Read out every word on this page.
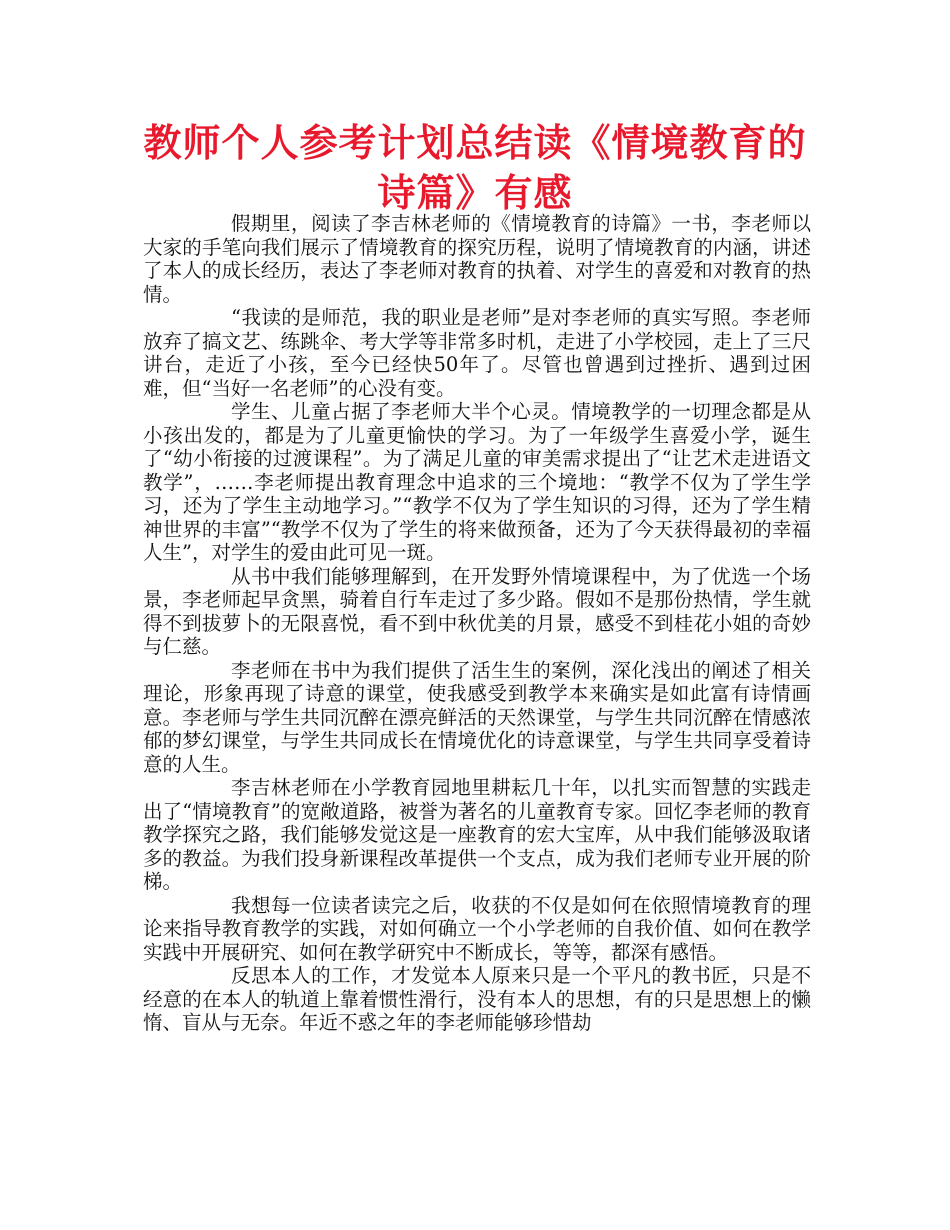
教师个人参考计划总结读《情境教育的诗篇》有感

假期里，阅读了李吉林老师的《情境教育的诗篇》一书，李老师以大家的手笔向我们展示了情境教育的探究历程，说明了情境教育的内涵，讲述了本人的成长经历，表达了李老师对教育的执着、对学生的喜爱和对教育的热情。

“我读的是师范，我的职业是老师”是对李老师的真实写照。李老师放弃了搞文艺、练跳伞、考大学等非常多时机，走进了小学校园，走上了三尺讲台，走近了小孩，至今已经快50年了。尽管也曾遇到过挫折、遇到过困难，但“当好一名老师”的心没有变。

学生、儿童占据了李老师大半个心灵。情境教学的一切理念都是从小孩出发的，都是为了儿童更愉快的学习。为了一年级学生喜爱小学，诞生了“幼小衔接的过渡课程”。为了满足儿童的审美需求提出了“让艺术走进语文教学”，……李老师提出教育理念中追求的三个境地：“教学不仅为了学生学习，还为了学生主动地学习。”“教学不仅为了学生知识的习得，还为了学生精神世界的丰富”“教学不仅为了学生的将来做预备，还为了今天获得最初的幸福人生”，对学生的爱由此可见一斑。

从书中我们能够理解到，在开发野外情境课程中，为了优选一个场景，李老师起早贪黑，骑着自行车走过了多少路。假如不是那份热情，学生就得不到拔萝卜的无限喜悦，看不到中秋优美的月景，感受不到桂花小姐的奇妙与仁慈。

李老师在书中为我们提供了活生生的案例，深化浅出的阐述了相关理论，形象再现了诗意的课堂，使我感受到教学本来确实是如此富有诗情画意。李老师与学生共同沉醉在漂亮鲜活的天然课堂，与学生共同沉醉在情感浓郁的梦幻课堂，与学生共同成长在情境优化的诗意课堂，与学生共同享受着诗意的人生。

李吉林老师在小学教育园地里耕耘几十年，以扎实而智慧的实践走出了“情境教育”的宽敞道路，被誉为著名的儿童教育专家。回忆李老师的教育教学探究之路，我们能够发觉这是一座教育的宏大宝库，从中我们能够汲取诸多的教益。为我们投身新课程改革提供一个支点，成为我们老师专业开展的阶梯。

我想每一位读者读完之后，收获的不仅是如何在依照情境教育的理论来指导教育教学的实践，对如何确立一个小学老师的自我价值、如何在教学实践中开展研究、如何在教学研究中不断成长，等等，都深有感悟。

反思本人的工作，才发觉本人原来只是一个平凡的教书匠，只是不经意的在本人的轨道上靠着惯性滑行，没有本人的思想，有的只是思想上的懒惰、盲从与无奈。年近不惑之年的李老师能够珍惜劫
